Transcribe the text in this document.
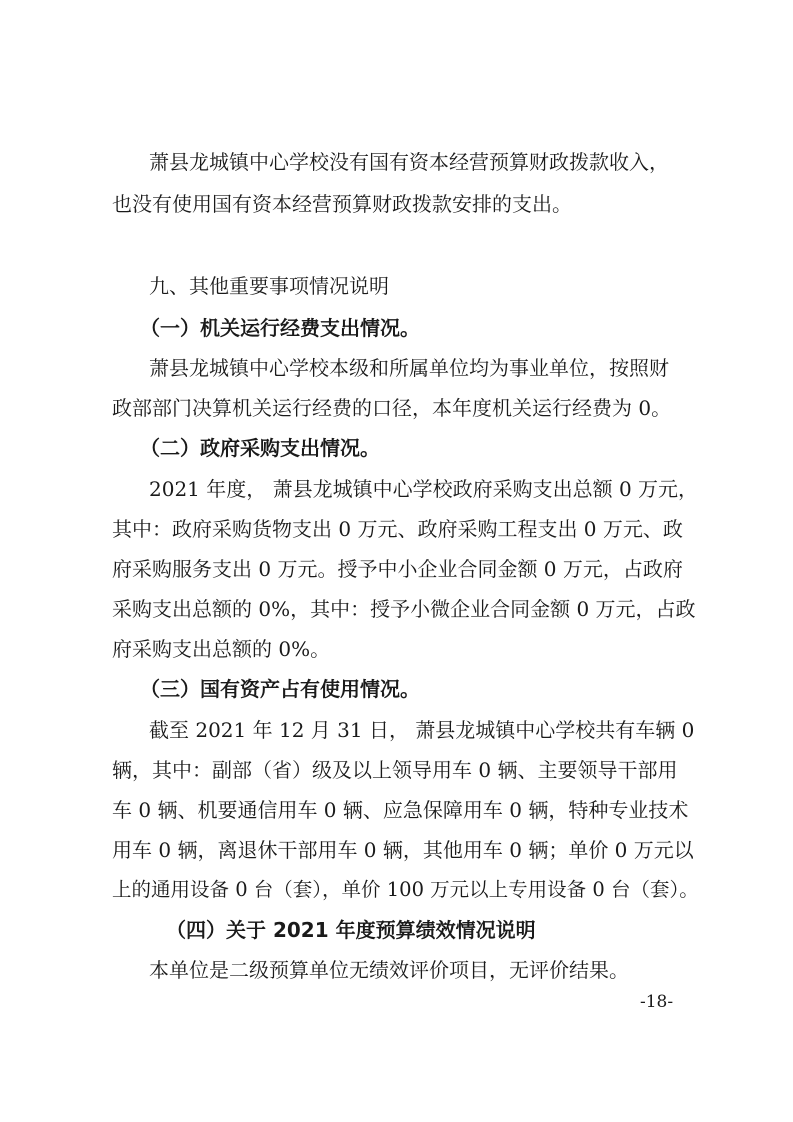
萧县龙城镇中心学校没有国有资本经营预算财政拨款收入，
也没有使用国有资本经营预算财政拨款安排的支出。
九、其他重要事项情况说明
（一）机关运行经费支出情况。
萧县龙城镇中心学校本级和所属单位均为事业单位，按照财
政部部门决算机关运行经费的口径，本年度机关运行经费为 0。
（二）政府采购支出情况。
2021 年度， 萧县龙城镇中心学校政府采购支出总额 0 万元，
其中：政府采购货物支出 0 万元、政府采购工程支出 0 万元、政
府采购服务支出 0 万元。授予中小企业合同金额 0 万元，占政府
采购支出总额的 0%，其中：授予小微企业合同金额 0 万元，占政
府采购支出总额的 0%。
（三）国有资产占有使用情况。
截至 2021 年 12 月 31 日， 萧县龙城镇中心学校共有车辆 0
辆，其中：副部（省）级及以上领导用车 0 辆、主要领导干部用
车 0 辆、机要通信用车 0 辆、应急保障用车 0 辆，特种专业技术
用车 0 辆，离退休干部用车 0 辆，其他用车 0 辆；单价 0 万元以
上的通用设备 0 台（套），单价 100 万元以上专用设备 0 台（套）。
（四）关于 2021 年度预算绩效情况说明
本单位是二级预算单位无绩效评价项目，无评价结果。
-18-
